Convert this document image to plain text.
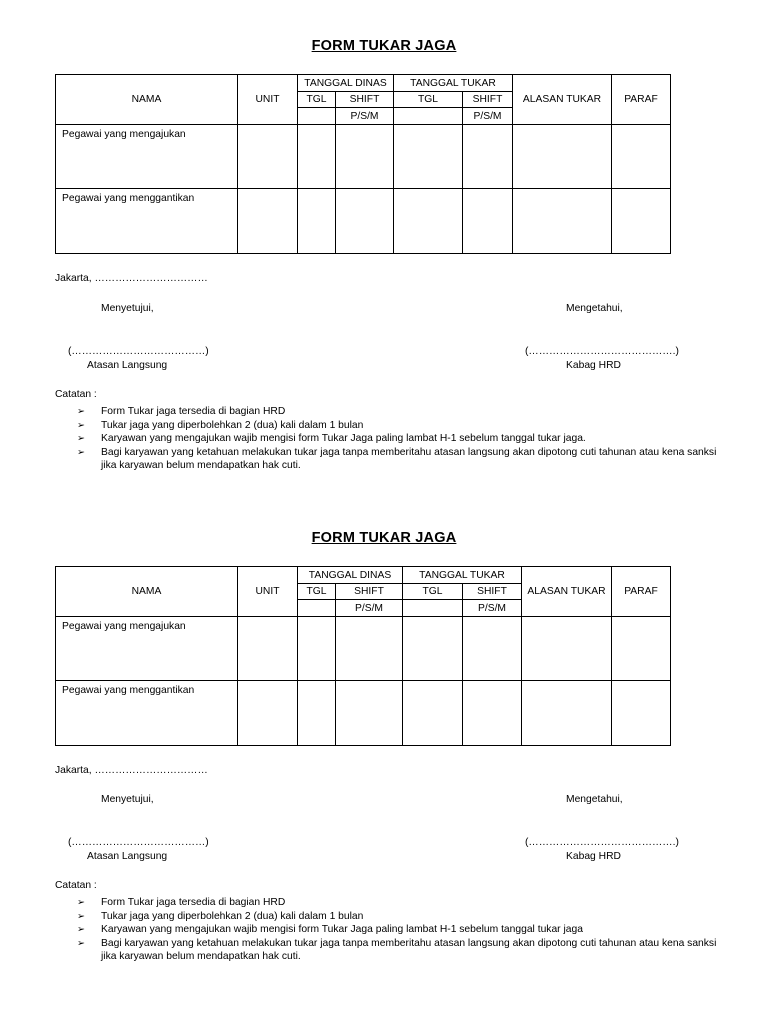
FORM TUKAR JAGA
NAMA	UNIT	TANGGAL DINAS		TANGGAL TUKAR		ALASAN TUKAR	PARAF
		TGL	SHIFT	TGL	SHIFT		
			P/S/M		P/S/M		
Pegawai yang mengajukan							
Pegawai yang menggantikan							
Jakarta, ……………………………
Menyetujui,	Mengetahui,
(…………………………………)	(…………………………………….)
Atasan Langsung	Kabag HRD
Catatan :
➢ Form Tukar jaga tersedia di bagian HRD
➢ Tukar jaga yang diperbolehkan 2 (dua) kali dalam 1 bulan
➢ Karyawan yang mengajukan wajib mengisi form Tukar Jaga paling lambat H-1 sebelum tanggal tukar jaga.
➢ Bagi karyawan yang ketahuan melakukan tukar jaga tanpa memberitahu atasan langsung akan dipotong cuti tahunan atau kena sanksi jika karyawan belum mendapatkan hak cuti.
FORM TUKAR JAGA
NAMA	UNIT	TANGGAL DINAS		TANGGAL TUKAR		ALASAN TUKAR	PARAF
		TGL	SHIFT	TGL	SHIFT		
			P/S/M		P/S/M		
Pegawai yang mengajukan							
Pegawai yang menggantikan							
Jakarta, ……………………………
Menyetujui,	Mengetahui,
(…………………………………)	(…………………………………….)
Atasan Langsung	Kabag HRD
Catatan :
➢ Form Tukar jaga tersedia di bagian HRD
➢ Tukar jaga yang diperbolehkan 2 (dua) kali dalam 1 bulan
➢ Karyawan yang mengajukan wajib mengisi form Tukar Jaga paling lambat H-1 sebelum tanggal tukar jaga
➢ Bagi karyawan yang ketahuan melakukan tukar jaga tanpa memberitahu atasan langsung akan dipotong cuti tahunan atau kena sanksi jika karyawan belum mendapatkan hak cuti.
